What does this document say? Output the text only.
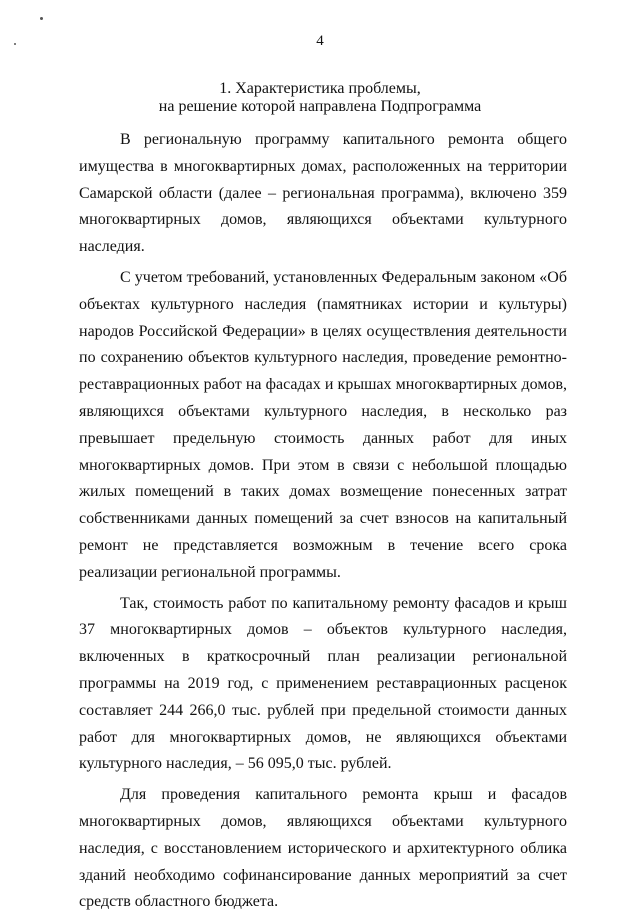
4
1. Характеристика проблемы,
на решение которой направлена Подпрограмма

В региональную программу капитального ремонта общего имущества в многоквартирных домах, расположенных на территории Самарской области (далее – региональная программа), включено 359 многоквартирных домов, являющихся объектами культурного наследия.

С учетом требований, установленных Федеральным законом «Об объектах культурного наследия (памятниках истории и культуры) народов Российской Федерации» в целях осуществления деятельности по сохранению объектов культурного наследия, проведение ремонтно-реставрационных работ на фасадах и крышах многоквартирных домов, являющихся объектами культурного наследия, в несколько раз превышает предельную стоимость данных работ для иных многоквартирных домов. При этом в связи с небольшой площадью жилых помещений в таких домах возмещение понесенных затрат собственниками данных помещений за счет взносов на капитальный ремонт не представляется возможным в течение всего срока реализации региональной программы.

Так, стоимость работ по капитальному ремонту фасадов и крыш 37 многоквартирных домов – объектов культурного наследия, включенных в краткосрочный план реализации региональной программы на 2019 год, с применением реставрационных расценок составляет 244 266,0 тыс. рублей при предельной стоимости данных работ для многоквартирных домов, не являющихся объектами культурного наследия, – 56 095,0 тыс. рублей.

Для проведения капитального ремонта крыш и фасадов многоквартирных домов, являющихся объектами культурного наследия, с восстановлением исторического и архитектурного облика зданий необходимо софинансирование данных мероприятий за счет средств областного бюджета.
